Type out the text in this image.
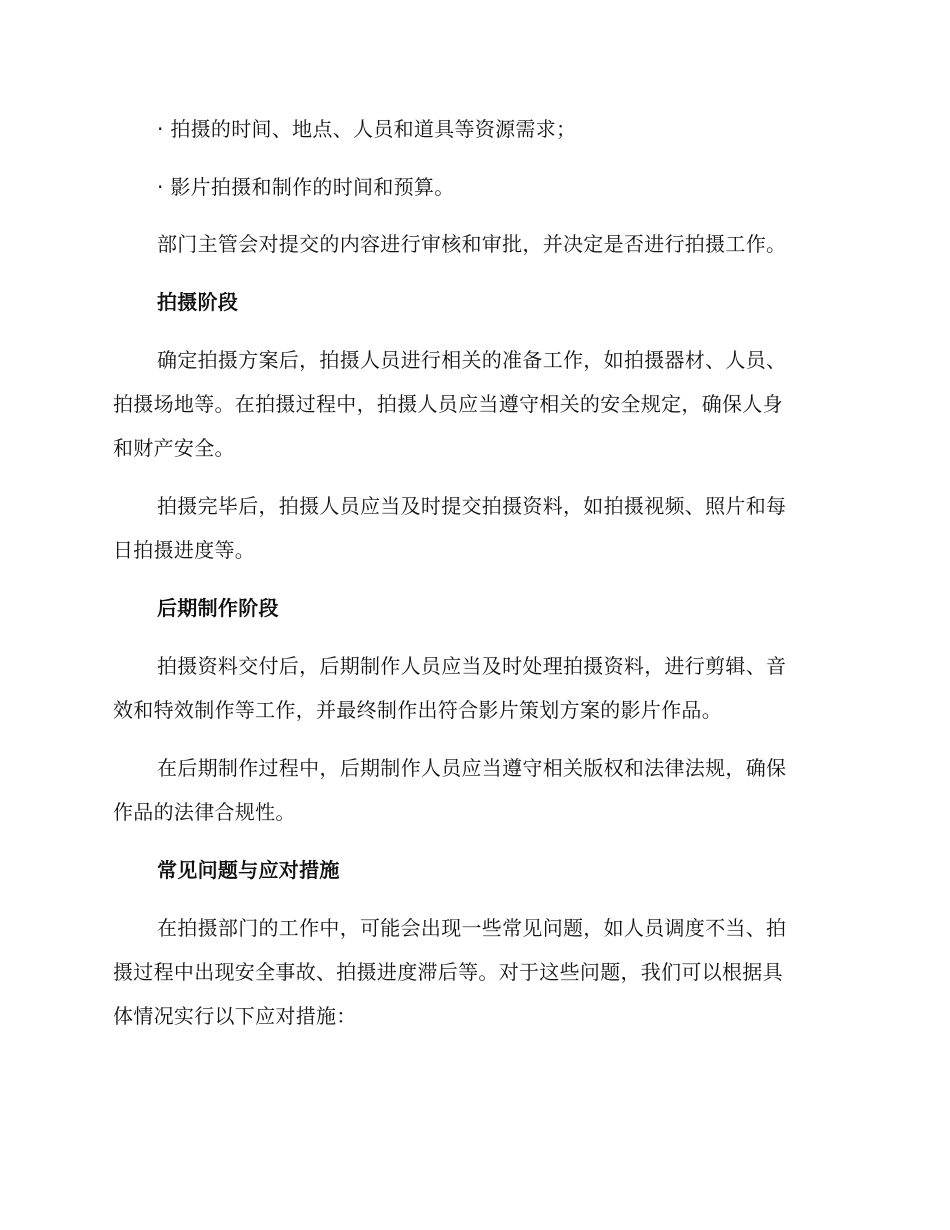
· 拍摄的时间、地点、人员和道具等资源需求；
· 影片拍摄和制作的时间和预算。
部门主管会对提交的内容进行审核和审批，并决定是否进行拍摄工作。
拍摄阶段
确定拍摄方案后，拍摄人员进行相关的准备工作，如拍摄器材、人员、
拍摄场地等。在拍摄过程中，拍摄人员应当遵守相关的安全规定，确保人身
和财产安全。
拍摄完毕后，拍摄人员应当及时提交拍摄资料，如拍摄视频、照片和每
日拍摄进度等。
后期制作阶段
拍摄资料交付后，后期制作人员应当及时处理拍摄资料，进行剪辑、音
效和特效制作等工作，并最终制作出符合影片策划方案的影片作品。
在后期制作过程中，后期制作人员应当遵守相关版权和法律法规，确保
作品的法律合规性。
常见问题与应对措施
在拍摄部门的工作中，可能会出现一些常见问题，如人员调度不当、拍
摄过程中出现安全事故、拍摄进度滞后等。对于这些问题，我们可以根据具
体情况实行以下应对措施：
